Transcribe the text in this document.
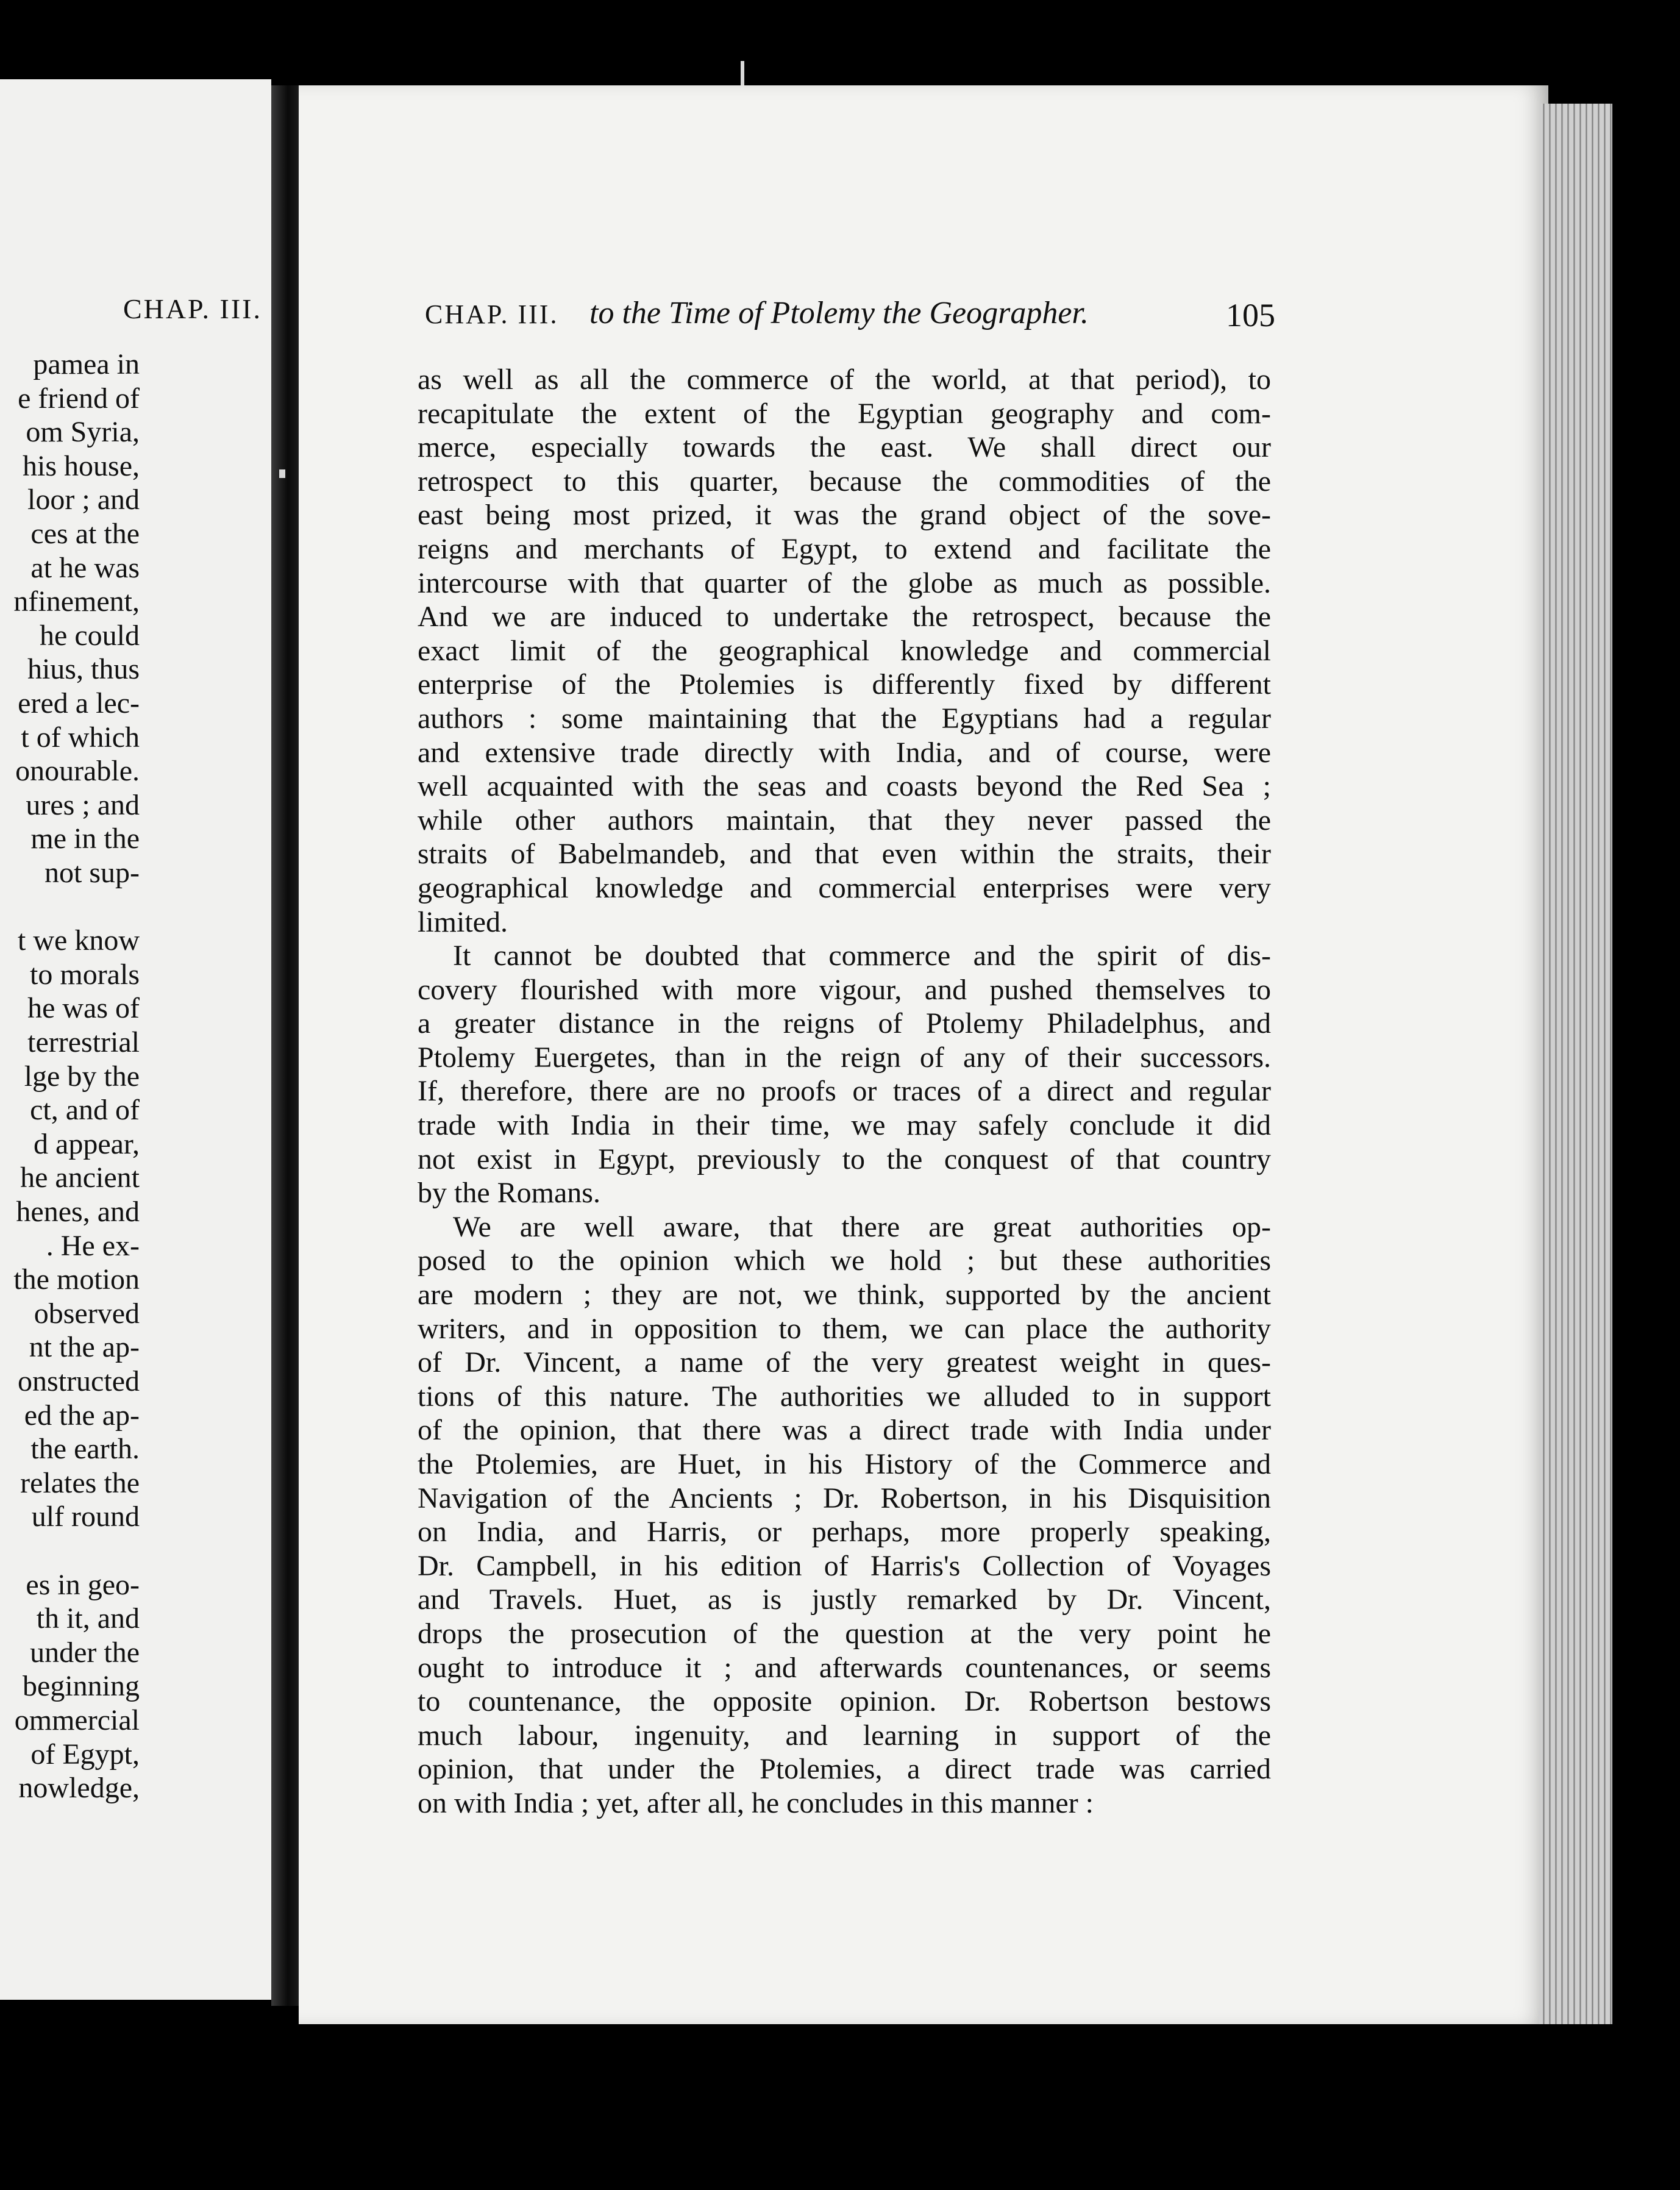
CHAP. III.
pamea in
e friend of
om Syria,
his house,
loor ; and
ces at the
at he was
nfinement,
he could
hius, thus
ered a lec-
t of which
onourable.
ures ; and
me in the
not sup-
t we know
to morals
he was of
terrestrial
lge by the
ct, and of
d appear,
he ancient
henes, and
. He ex-
the motion
observed
nt the ap-
onstructed
ed the ap-
the earth.
relates the
ulf round
es in geo-
th it, and
under the
beginning
ommercial
of Egypt,
nowledge,
CHAP. III. to the Time of Ptolemy the Geographer.	105
as well as all the commerce of the world, at that period), to
recapitulate the extent of the Egyptian geography and com-
merce, especially towards the east. We shall direct our
retrospect to this quarter, because the commodities of the
east being most prized, it was the grand object of the sove-
reigns and merchants of Egypt, to extend and facilitate the
intercourse with that quarter of the globe as much as possible.
And we are induced to undertake the retrospect, because the
exact limit of the geographical knowledge and commercial
enterprise of the Ptolemies is differently fixed by different
authors : some maintaining that the Egyptians had a regular
and extensive trade directly with India, and of course, were
well acquainted with the seas and coasts beyond the Red Sea ;
while other authors maintain, that they never passed the
straits of Babelmandeb, and that even within the straits, their
geographical knowledge and commercial enterprises were very
limited.
It cannot be doubted that commerce and the spirit of dis-
covery flourished with more vigour, and pushed themselves to
a greater distance in the reigns of Ptolemy Philadelphus, and
Ptolemy Euergetes, than in the reign of any of their successors.
If, therefore, there are no proofs or traces of a direct and regular
trade with India in their time, we may safely conclude it did
not exist in Egypt, previously to the conquest of that country
by the Romans.
We are well aware, that there are great authorities op-
posed to the opinion which we hold ; but these authorities
are modern ; they are not, we think, supported by the ancient
writers, and in opposition to them, we can place the authority
of Dr. Vincent, a name of the very greatest weight in ques-
tions of this nature. The authorities we alluded to in support
of the opinion, that there was a direct trade with India under
the Ptolemies, are Huet, in his History of the Commerce and
Navigation of the Ancients ; Dr. Robertson, in his Disquisition
on India, and Harris, or perhaps, more properly speaking,
Dr. Campbell, in his edition of Harris's Collection of Voyages
and Travels. Huet, as is justly remarked by Dr. Vincent,
drops the prosecution of the question at the very point he
ought to introduce it ; and afterwards countenances, or seems
to countenance, the opposite opinion. Dr. Robertson bestows
much labour, ingenuity, and learning in support of the
opinion, that under the Ptolemies, a direct trade was carried
on with India ; yet, after all, he concludes in this manner :
